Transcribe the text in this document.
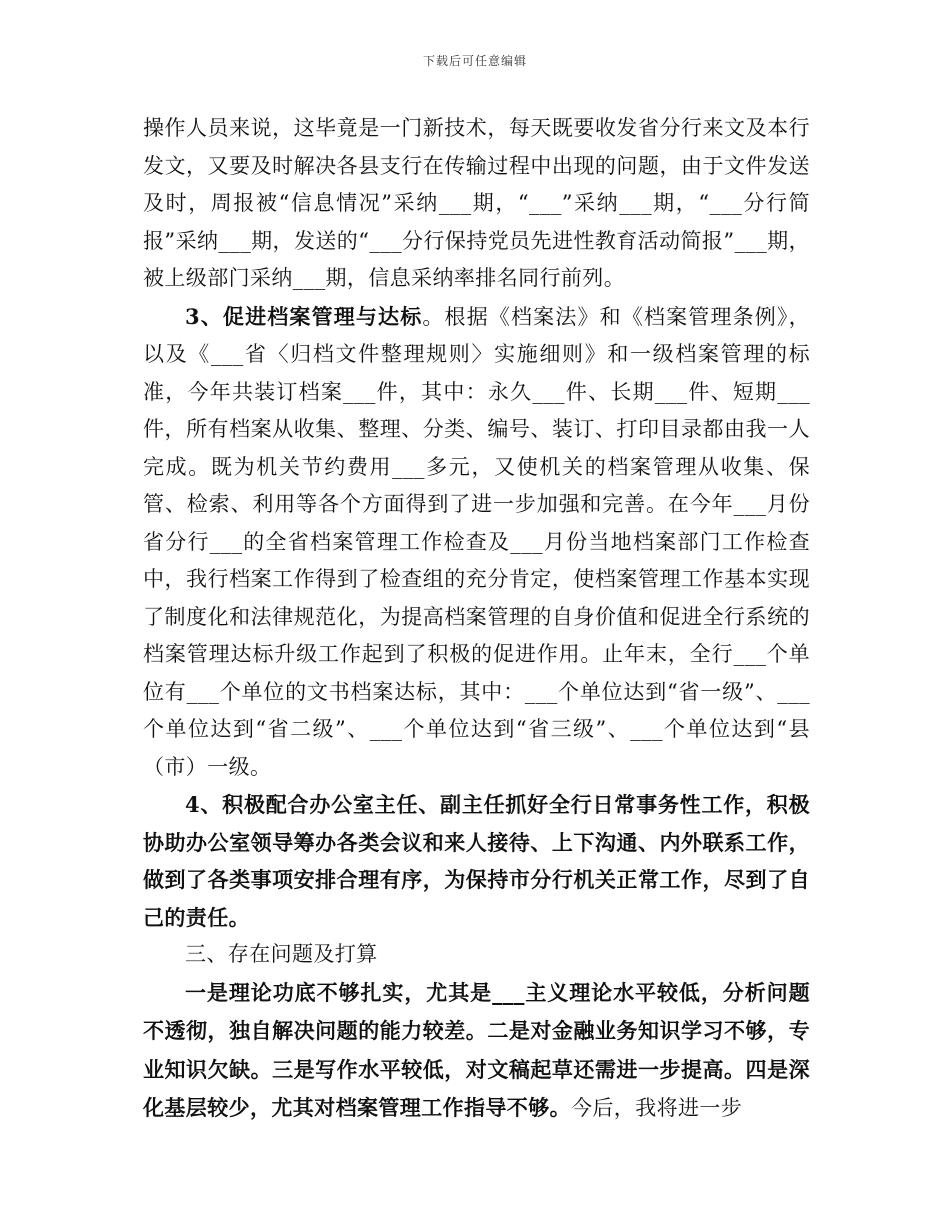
下载后可任意编辑

操作人员来说，这毕竟是一门新技术，每天既要收发省分行来文及本行发文，又要及时解决各县支行在传输过程中出现的问题，由于文件发送及时，周报被“信息情况”采纳___期，“___”采纳___期，“___分行简报”采纳___期，发送的“___分行保持党员先进性教育活动简报”___期，被上级部门采纳___期，信息采纳率排名同行前列。

3、促进档案管理与达标。根据《档案法》和《档案管理条例》，以及《___省〈归档文件整理规则〉实施细则》和一级档案管理的标准，今年共装订档案___件，其中：永久___件、长期___件、短期___件，所有档案从收集、整理、分类、编号、装订、打印目录都由我一人完成。既为机关节约费用___多元，又使机关的档案管理从收集、保管、检索、利用等各个方面得到了进一步加强和完善。在今年___月份省分行___的全省档案管理工作检查及___月份当地档案部门工作检查中，我行档案工作得到了检查组的充分肯定，使档案管理工作基本实现了制度化和法律规范化，为提高档案管理的自身价值和促进全行系统的档案管理达标升级工作起到了积极的促进作用。止年末，全行___个单位有___个单位的文书档案达标，其中：___个单位达到“省一级”、___个单位达到“省二级”、___个单位达到“省三级”、___个单位达到“县（市）一级。

4、积极配合办公室主任、副主任抓好全行日常事务性工作，积极协助办公室领导筹办各类会议和来人接待、上下沟通、内外联系工作，做到了各类事项安排合理有序，为保持市分行机关正常工作，尽到了自己的责任。

三、存在问题及打算

一是理论功底不够扎实，尤其是___主义理论水平较低，分析问题不透彻，独自解决问题的能力较差。二是对金融业务知识学习不够，专业知识欠缺。三是写作水平较低，对文稿起草还需进一步提高。四是深化基层较少，尤其对档案管理工作指导不够。今后，我将进一步
